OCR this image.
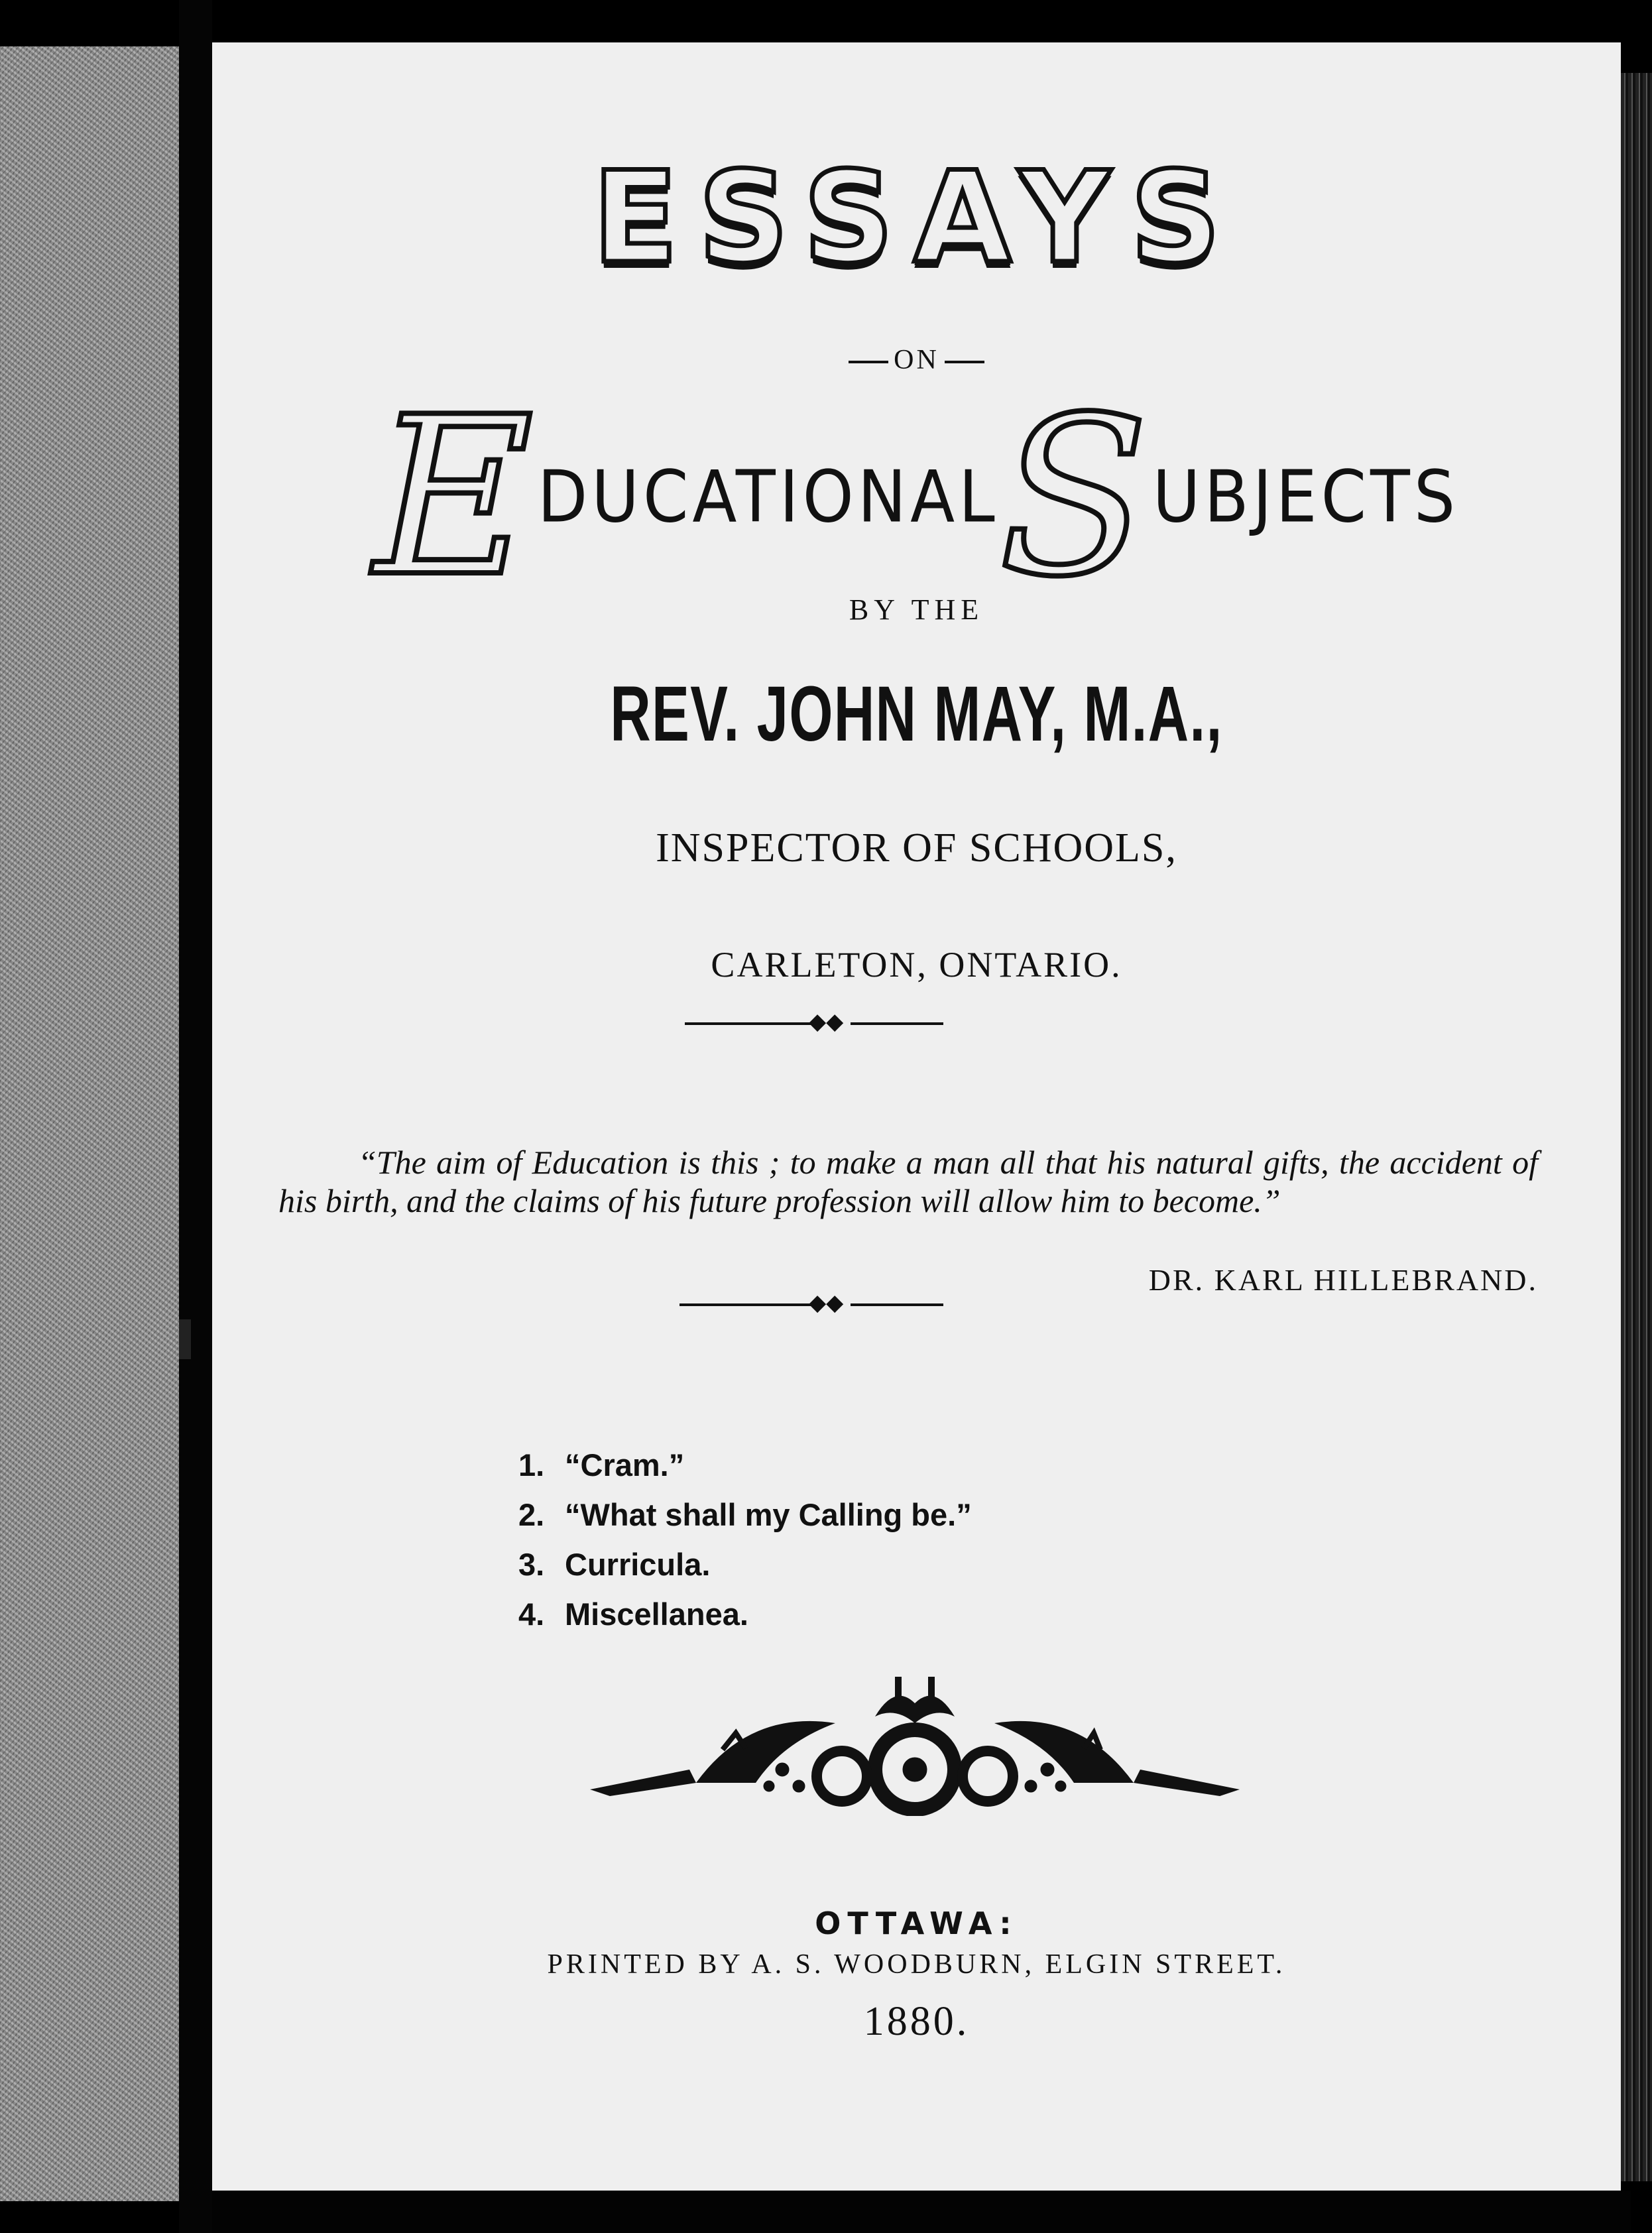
ESSAYS

ON

EDUCATIONALSUBJECTS

BY THE

REV. JOHN MAY, M.A.,

INSPECTOR OF SCHOOLS,

CARLETON, ONTARIO.

◆◆

“The aim of Education is this ; to make a man all that his natural gifts, the accident of his birth, and the claims of his future profession will allow him to become.”

DR. KARL HILLEBRAND.

◆◆
1. “Cram.”
2. “What shall my Calling be.”
3. Curricula.
4. Miscellanea.

OTTAWA:

PRINTED BY A. S. WOODBURN, ELGIN STREET.

1880.
